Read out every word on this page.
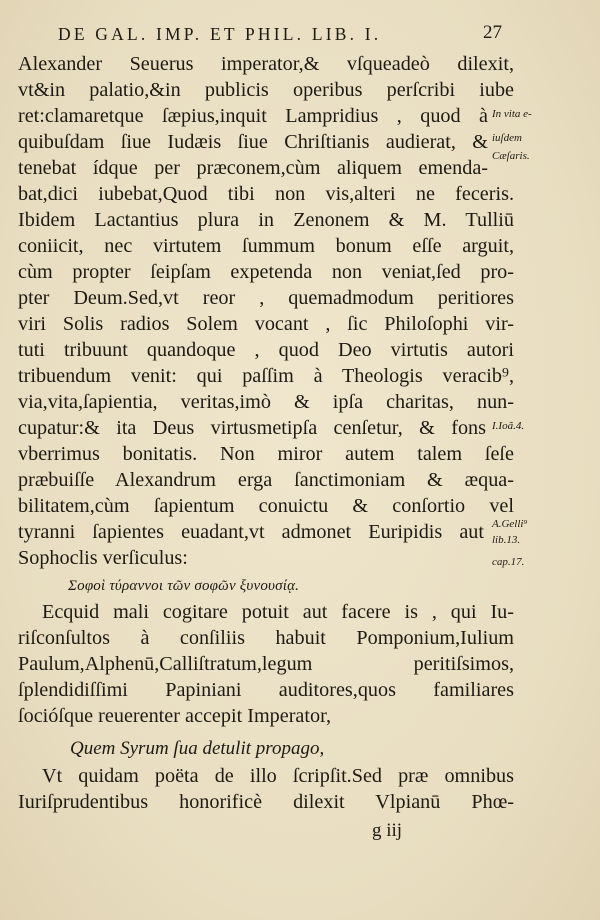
DE GAL. IMP. ET PHIL. LIB. I.	27
Alexander Seuerus imperator,& vſqueadeò dilexit,
vt&in palatio,&in publicis operibus perſcribi iube
ret:clamaretque ſæpius,inquit Lampridius , quod à
quibuſdam ſiue Iudæis ſiue Chriſtianis audierat, &
tenebat ídque per præconem,cùm aliquem emenda-
bat,dici iubebat,Quod tibi non vis,alteri ne feceris.
Ibidem Lactantius plura in Zenonem & M. Tulliū
coniicit, nec virtutem ſummum bonum eſſe arguit,
cùm propter ſeipſam expetenda non veniat,ſed pro-
pter Deum.Sed,vt reor , quemadmodum peritiores
viri Solis radios Solem vocant , ſic Philoſophi vir-
tuti tribuunt quandoque , quod Deo virtutis autori
tribuendum venit: qui paſſim à Theologis veracib⁹,
via,vita,ſapientia, veritas,imò & ipſa charitas, nun-
cupatur:& ita Deus virtusmetipſa cenſetur, & fons
vberrimus bonitatis. Non miror autem talem ſeſe
præbuiſſe Alexandrum erga ſanctimoniam & æqua-
bilitatem,cùm ſapientum conuictu & conſortio vel
tyranni ſapientes euadant,vt admonet Euripidis aut
Sophoclis verſiculus:
Σοφοὶ τύραννοι τῶν σοφῶν ξυνουσίᾳ.
Ecquid mali cogitare potuit aut facere is , qui Iu-
riſconſultos à conſiliis habuit Pomponium,Iulium
Paulum,Alphenū,Calliſtratum,legum peritiſsimos,
ſplendidiſſimi Papiniani auditores,quos familiares
ſocióſque reuerenter accepit Imperator,
Quem Syrum ſua detulit propago,
Vt quidam poëta de illo ſcripſit.Sed præ omnibus
Iuriſprudentibus honorificè dilexit Vlpianū Phœ-
g iij
In vita e-
iuſdem
Cæſaris.
I.Ioã.4.
A.Gelli⁹
lib.13.
cap.17.
